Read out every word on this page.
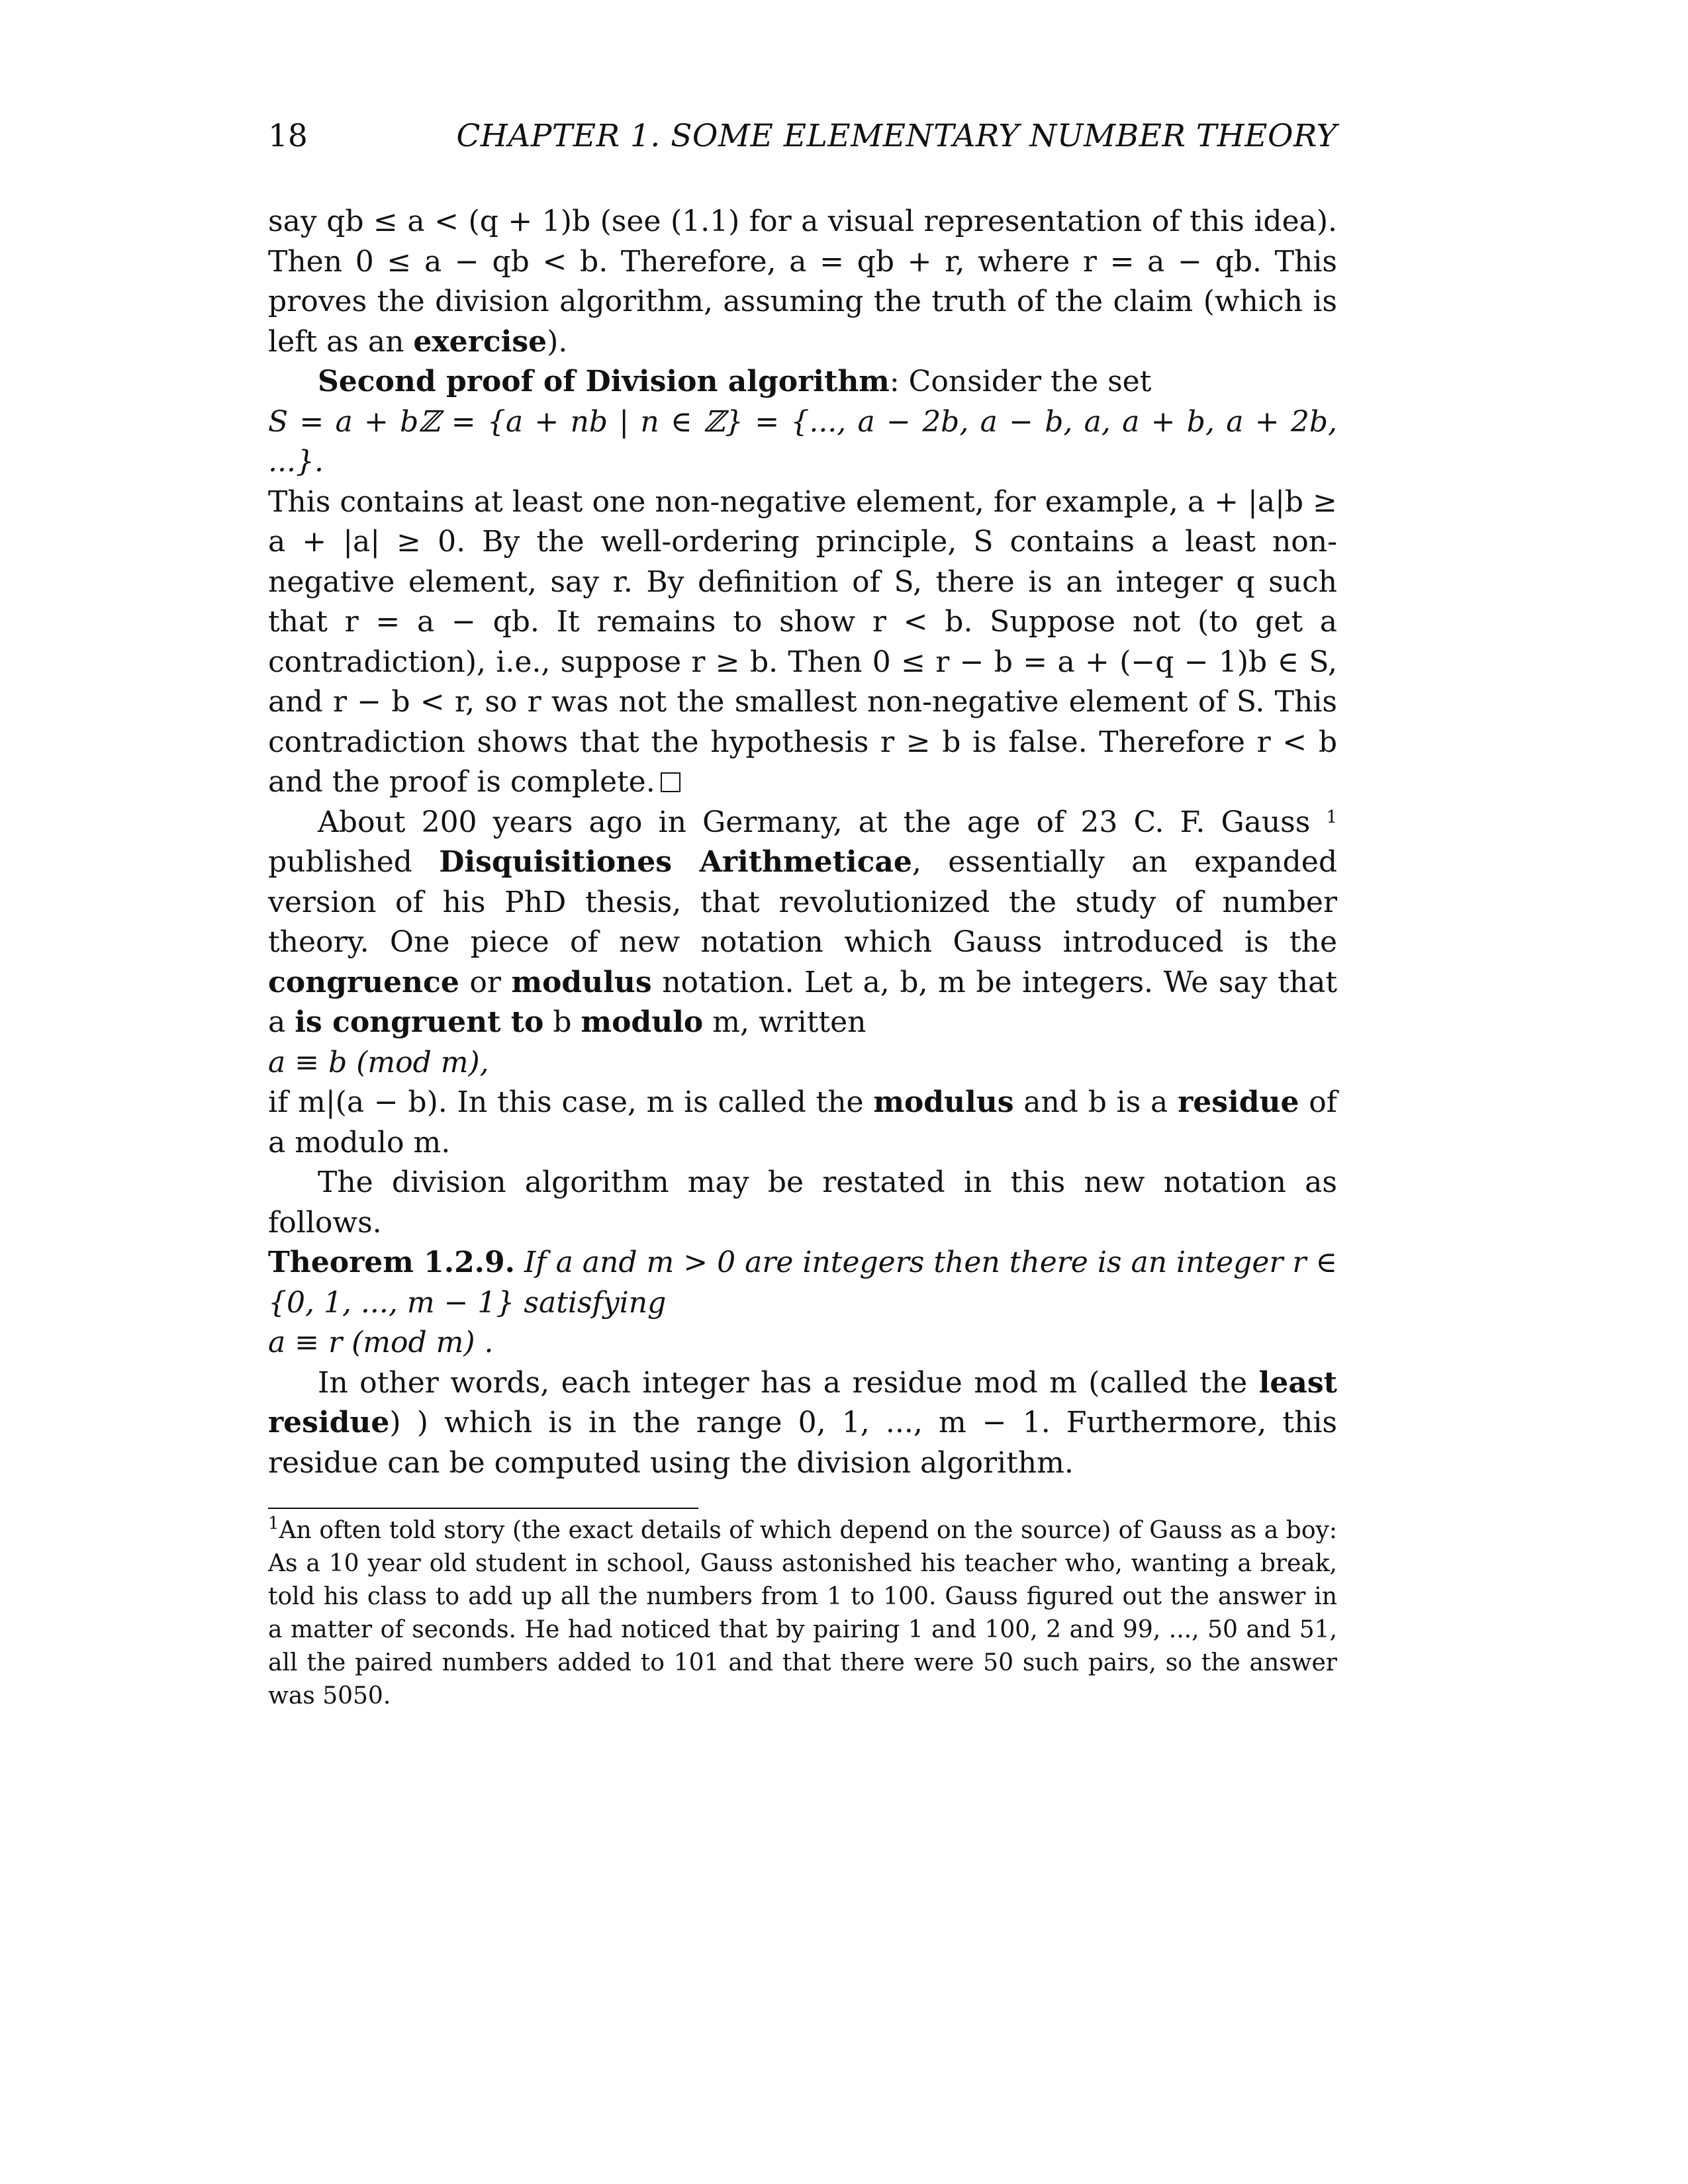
18	CHAPTER 1. SOME ELEMENTARY NUMBER THEORY

say qb ≤ a < (q + 1)b (see (1.1) for a visual representation of this idea). Then 0 ≤ a − qb < b. Therefore, a = qb + r, where r = a − qb. This proves the division algorithm, assuming the truth of the claim (which is left as an exercise).

Second proof of Division algorithm: Consider the set

S = a + bℤ = {a + nb | n ∈ ℤ} = {..., a − 2b, a − b, a, a + b, a + 2b, ...}.

This contains at least one non-negative element, for example, a + |a|b ≥ a + |a| ≥ 0. By the well-ordering principle, S contains a least non-negative element, say r. By definition of S, there is an integer q such that r = a − qb. It remains to show r < b. Suppose not (to get a contradiction), i.e., suppose r ≥ b. Then 0 ≤ r − b = a + (−q − 1)b ∈ S, and r − b < r, so r was not the smallest non-negative element of S. This contradiction shows that the hypothesis r ≥ b is false. Therefore r < b and the proof is complete.

About 200 years ago in Germany, at the age of 23 C. F. Gauss $^1$ published Disquisitiones Arithmeticae, essentially an expanded version of his PhD thesis, that revolutionized the study of number theory. One piece of new notation which Gauss introduced is the congruence or modulus notation. Let a, b, m be integers. We say that a is congruent to b modulo m, written

a ≡ b (mod m),

if m|(a − b). In this case, m is called the modulus and b is a residue of a modulo m.

The division algorithm may be restated in this new notation as follows.

Theorem 1.2.9. If a and m > 0 are integers then there is an integer r ∈ {0, 1, ..., m − 1} satisfying

a ≡ r (mod m) .

In other words, each integer has a residue mod m (called the least residue) ) which is in the range 0, 1, ..., m − 1. Furthermore, this residue can be computed using the division algorithm.

$^1$An often told story (the exact details of which depend on the source) of Gauss as a boy: As a 10 year old student in school, Gauss astonished his teacher who, wanting a break, told his class to add up all the numbers from 1 to 100. Gauss figured out the answer in a matter of seconds. He had noticed that by pairing 1 and 100, 2 and 99, ..., 50 and 51, all the paired numbers added to 101 and that there were 50 such pairs, so the answer was 5050.
